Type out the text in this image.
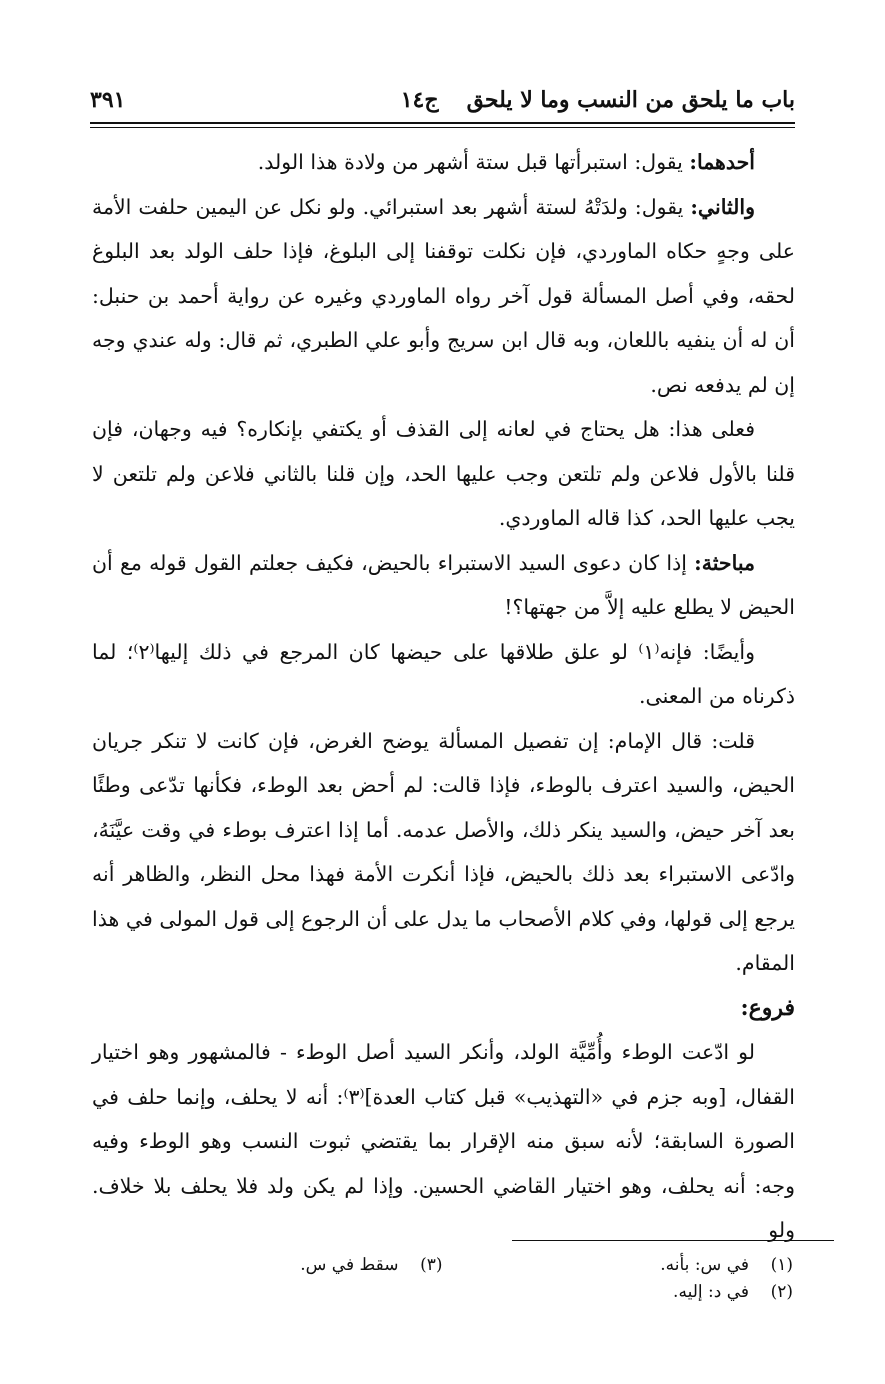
باب ما يلحق من النسب وما لا يلحق
ج١٤
٣٩١

أحدهما: يقول: استبرأتها قبل ستة أشهر من ولادة هذا الولد.

والثاني: يقول: ولدَتْهُ لستة أشهر بعد استبرائي. ولو نكل عن اليمين حلفت الأمة على وجهٍ حكاه الماوردي، فإن نكلت توقفنا إلى البلوغ، فإذا حلف الولد بعد البلوغ لحقه، وفي أصل المسألة قول آخر رواه الماوردي وغيره عن رواية أحمد بن حنبل: أن له أن ينفيه باللعان، وبه قال ابن سريج وأبو علي الطبري، ثم قال: وله عندي وجه إن لم يدفعه نص.

فعلى هذا: هل يحتاج في لعانه إلى القذف أو يكتفي بإنكاره؟ فيه وجهان، فإن قلنا بالأول فلاعن ولم تلتعن وجب عليها الحد، وإن قلنا بالثاني فلاعن ولم تلتعن لا يجب عليها الحد، كذا قاله الماوردي.

مباحثة: إذا كان دعوى السيد الاستبراء بالحيض، فكيف جعلتم القول قوله مع أن الحيض لا يطلع عليه إلاَّ من جهتها؟!

وأيضًا: فإنه⁽١⁾ لو علق طلاقها على حيضها كان المرجع في ذلك إليها⁽٢⁾؛ لما ذكرناه من المعنى.

قلت: قال الإمام: إن تفصيل المسألة يوضح الغرض، فإن كانت لا تنكر جريان الحيض، والسيد اعترف بالوطء، فإذا قالت: لم أحض بعد الوطء، فكأنها تدّعى وطئًا بعد آخر حيض، والسيد ينكر ذلك، والأصل عدمه. أما إذا اعترف بوطء في وقت عيَّنَهُ، وادّعى الاستبراء بعد ذلك بالحيض، فإذا أنكرت الأمة فهذا محل النظر، والظاهر أنه يرجع إلى قولها، وفي كلام الأصحاب ما يدل على أن الرجوع إلى قول المولى في هذا المقام.

فروع:

لو ادّعت الوطء وأُمِّيَّة الولد، وأنكر السيد أصل الوطء - فالمشهور وهو اختيار القفال، [وبه جزم في «التهذيب» قبل كتاب العدة]⁽٣⁾: أنه لا يحلف، وإنما حلف في الصورة السابقة؛ لأنه سبق منه الإقرار بما يقتضي ثبوت النسب وهو الوطء وفيه وجه: أنه يحلف، وهو اختيار القاضي الحسين. وإذا لم يكن ولد فلا يحلف بلا خلاف. ولو

(١)في س: بأنه.
(٣)سقط في س.
(٢)في د: إليه.
